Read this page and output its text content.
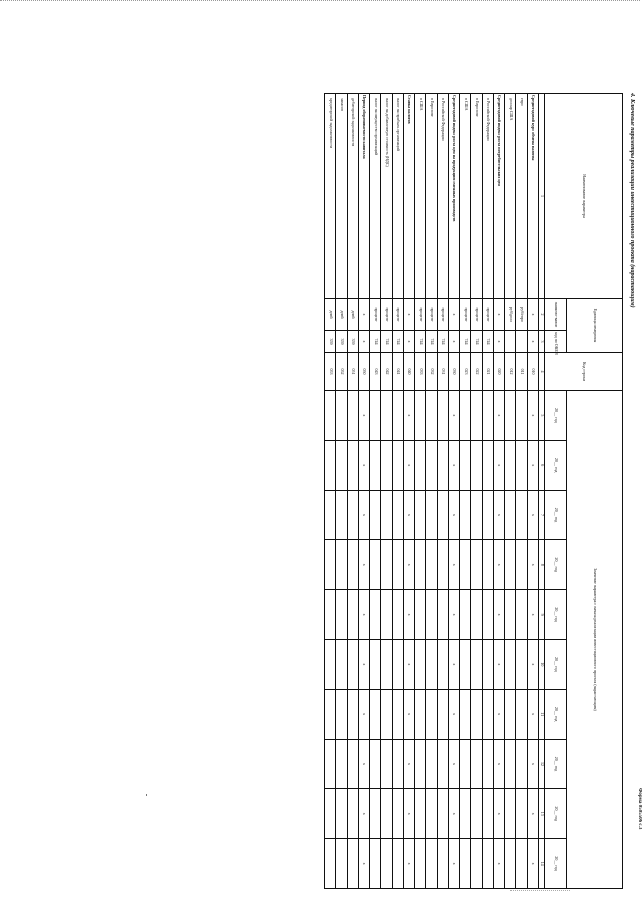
4. Ключевые параметры реализации инвестиционного проекта (нарастающим)
Форма 0505506 с.3
Наименование параметра	Единица измерения		Код строки	Значение параметра с начала реализации инвестиционного проекта (нарастающим)									
	наимено-вание	код по ОКЕИ		20__ год	20__ год	20__ год	20__ год	20__ год	20__ год	20__ год	20__ год	20__ год	20__ год
1	2	3	4	5	6	7	8	9	10	11	12	13	14
Среднегодовой курс обмена валюты	х	х	010	х	х	х	х	х	х	х	х	х	х
евро	руб/евро		011										
доллар США	руб/долл		012										
Среднегодовой индекс роста потребительских цен	х	х	020	х	х	х	х	х	х	х	х	х	х
в Российской Федерации	процент	744	021										
в Еврозоне	процент	744	022										
в США	процент	744	023										
Среднегодовой индекс роста цен на продукцию смежных производств	х	х	030	х	х	х	х	х	х	х	х	х	х
в Российской Федерации	процент	744	031										
в Еврозоне	процент	744	032										
в США	процент	744	033										
Ставка налогов	х	х	040	х	х	х	х	х	х	х	х	х	х
налог на прибыль организаций	процент	744	041										
налог на добавленную стоимость (НДС)	процент	744	042										
налог на имущество организаций	процент	744	043										
Период оборачиваемости капитала	х	х	050	х	х	х	х	х	х	х	х	х	х
дебиторской задолженности	дней	359	051										
запасов	дней	359	052										
кредиторской задолженности	дней	359	053										
